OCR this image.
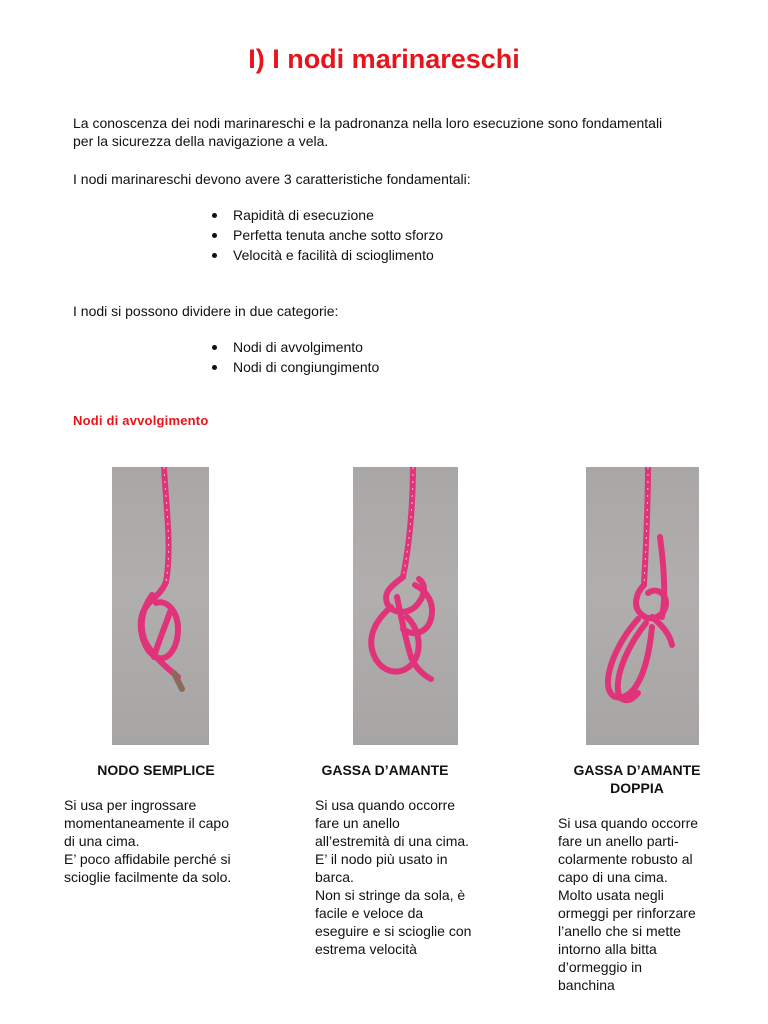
I) I nodi marinareschi
La conoscenza dei nodi marinareschi e la padronanza nella loro esecuzione sono fondamentali per la sicurezza della navigazione a vela.
I nodi marinareschi devono avere 3 caratteristiche fondamentali:
Rapidità di esecuzione
Perfetta tenuta anche sotto sforzo
Velocità e facilità di scioglimento
I nodi si possono dividere in due categorie:
Nodi di avvolgimento
Nodi di congiungimento
Nodi di avvolgimento
NODO SEMPLICE	GASSA D’AMANTE	GASSA D’AMANTE
DOPPIA
Si usa per ingrossare
momentaneamente il capo
di una cima.
E’ poco affidabile perché si
scioglie facilmente da solo.
Si usa quando occorre
fare un anello
all’estremità di una cima.
E’ il nodo più usato in
barca.
Non si stringe da sola, è
facile e veloce da
eseguire e si scioglie con
estrema velocità
Si usa quando occorre
fare un anello parti-
colarmente robusto al
capo di una cima.
Molto usata negli
ormeggi per rinforzare
l’anello che si mette
intorno alla bitta
d’ormeggio in
banchina
